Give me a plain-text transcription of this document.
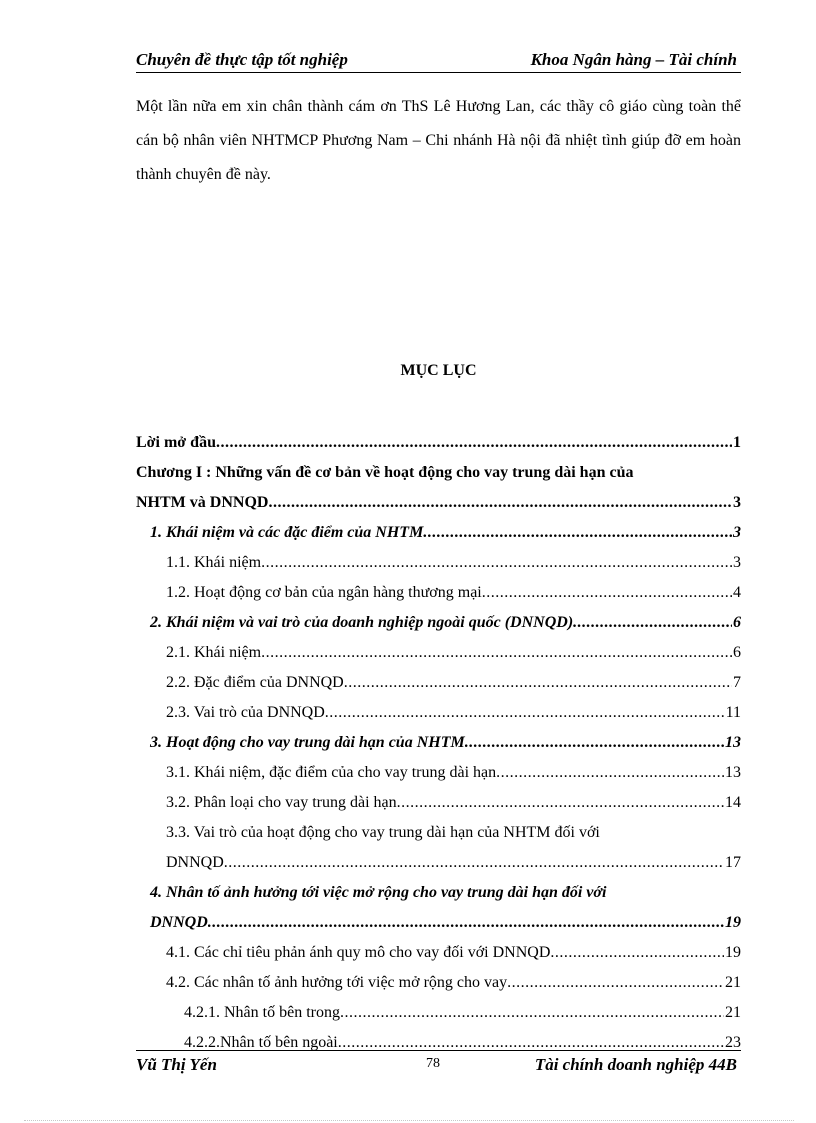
Chuyên đề thực tập tốt nghiệp	Khoa Ngân hàng – Tài chính
Một lần nữa em xin chân thành cám ơn ThS Lê Hương Lan, các thầy cô giáo cùng toàn thể cán bộ nhân viên NHTMCP Phương Nam – Chi nhánh Hà nội đã nhiệt tình giúp đỡ em hoàn thành chuyên đề này.
MỤC LỤC
Lời mở đầu .....	1
Chương I : Những vấn đề cơ bản về hoạt động cho vay trung dài hạn của
NHTM và DNNQD .....	3
1. Khái niệm và các đặc điểm của NHTM .....	3
1.1. Khái niệm .....	3
1.2. Hoạt động cơ bản của ngân hàng thương mại .....	4
2. Khái niệm và vai trò của doanh nghiệp ngoài quốc (DNNQD) .....	6
2.1. Khái niệm .....	6
2.2. Đặc điểm của DNNQD .....	7
2.3. Vai trò của DNNQD .....	11
3. Hoạt động cho vay trung dài hạn của NHTM .....	13
3.1. Khái niệm, đặc điểm của cho vay trung dài hạn .....	13
3.2. Phân loại cho vay trung dài hạn .....	14
3.3. Vai trò của hoạt động cho vay trung dài hạn của NHTM đối với
DNNQD .....	17
4. Nhân tố ảnh hưởng tới việc mở rộng cho vay trung dài hạn đối với
DNNQD .....	19
4.1. Các chỉ tiêu phản ánh quy mô cho vay đối với DNNQD .....	19
4.2. Các nhân tố ảnh hưởng tới việc mở rộng cho vay .....	21
4.2.1. Nhân tố bên trong .....	21
4.2.2.Nhân tố bên ngoài .....	23
Vũ Thị Yến	78	Tài chính doanh nghiệp 44B
